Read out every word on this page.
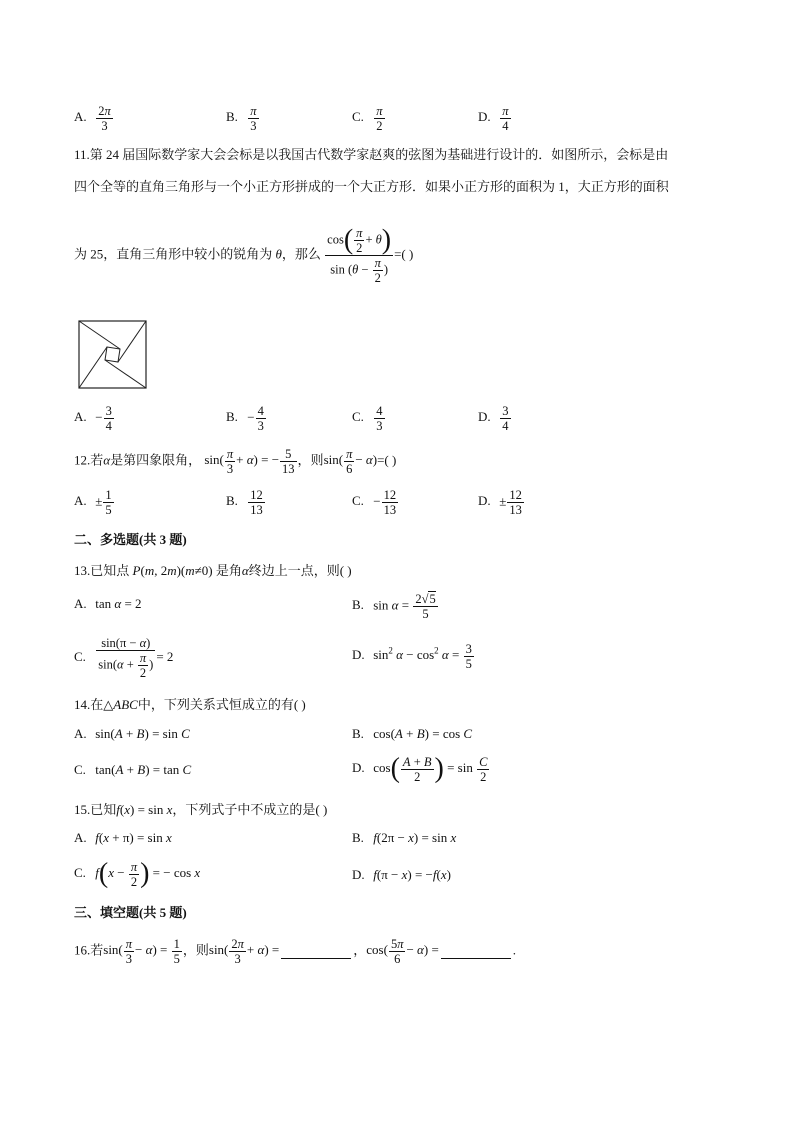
A. $\frac{2\pi}{3}$	B. $\frac{\pi}{3}$	C. $\frac{\pi}{2}$	D. $\frac{\pi}{4}$
11.第 24 届国际数学家大会会标是以我国古代数学家赵爽的弦图为基础进行设计的．如图所示，会标是由
四个全等的直角三角形与一个小正方形拼成的一个大正方形．如果小正方形的面积为 1，大正方形的面积
为 25，直角三角形中较小的锐角为 θ，那么 $\frac{\cos( \frac{\pi}{2} + \theta)}{\sin (\theta - \frac{\pi}{2} )}$ =( )
A. − $\frac{3}{4}$	B. − $\frac{4}{3}$	C. $\frac{4}{3}$	D. $\frac{3}{4}$
12.若α是第四象限角， $\sin( \frac{\pi}{3} + \alpha)$ = − $\frac{5}{13}$ ，则$\sin( \frac{\pi}{6} - \alpha)=$( )
A. ± $\frac{1}{5}$	B. $\frac{12}{13}$	C. − $\frac{12}{13}$	D. ± $\frac{12}{13}$
二、多选题(共 3 题)
13.已知点 P(m, 2m)(m≠0) 是角α终边上一点，则( )
A. tan α = 2	B. $\sin \alpha = \frac{2√5}{5}$
C. $\frac{\sin(\pi - \alpha)}{\sin(\alpha + \frac{\pi}{2} )} = 2$	D. $\sin^2 \alpha - \cos^2 \alpha = \frac{3}{5}$
14.在△ABC中，下列关系式恒成立的有( )
A. sin(A + B) = sin C	B. cos(A + B) = cos C
C. tan(A + B) = tan C	D. $\cos( \frac{A + B}{2}$ ) = $\sin \frac{C}{2}$
15.已知f(x) = sin x，下列式子中不成立的是( )
A. f(x + π) = sin x	B. f(2π − x) = sin x
C. $f(x - \frac{\pi}{2}$ ) = − cos x	D. f(π − x) = −f(x)
三、填空题(共 5 题)
16.若$\sin( \frac{\pi}{3} - \alpha) = \frac{1}{5}$ ，则$\sin( \frac{2\pi}{3} + \alpha)$ =	，$\cos( \frac{5\pi}{6} - \alpha)$ =	.
